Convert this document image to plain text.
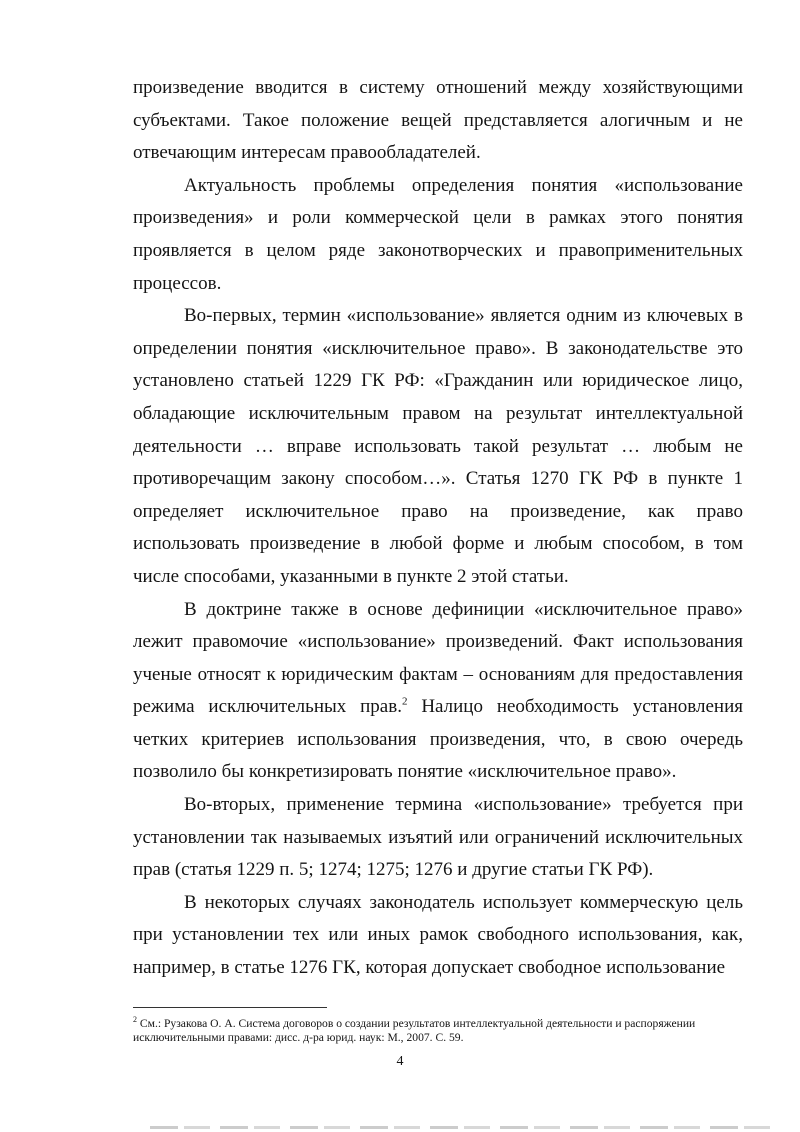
произведение вводится в систему отношений между хозяйствующими субъектами. Такое положение вещей представляется алогичным и не отвечающим интересам правообладателей.

Актуальность проблемы определения понятия «использование произведения» и роли коммерческой цели в рамках этого понятия проявляется в целом ряде законотворческих и правоприменительных процессов.

Во-первых, термин «использование» является одним из ключевых в определении понятия «исключительное право». В законодательстве это установлено статьей 1229 ГК РФ: «Гражданин или юридическое лицо, обладающие исключительным правом на результат интеллектуальной деятельности … вправе использовать такой результат … любым не противоречащим закону способом…». Статья 1270 ГК РФ в пункте 1 определяет исключительное право на произведение, как право использовать произведение в любой форме и любым способом, в том числе способами, указанными в пункте 2 этой статьи.

В доктрине также в основе дефиниции «исключительное право» лежит правомочие «использование» произведений. Факт использования ученые относят к юридическим фактам – основаниям для предоставления режима исключительных прав.$^2$ Налицо необходимость установления четких критериев использования произведения, что, в свою очередь позволило бы конкретизировать понятие «исключительное право».

Во-вторых, применение термина «использование» требуется при установлении так называемых изъятий или ограничений исключительных прав (статья 1229 п. 5; 1274; 1275; 1276 и другие статьи ГК РФ).

В некоторых случаях законодатель использует коммерческую цель при установлении тех или иных рамок свободного использования, как, например, в статье 1276 ГК, которая допускает свободное использование

$^2$ См.: Рузакова О. А. Система договоров о создании результатов интеллектуальной деятельности и распоряжении исключительными правами: дисс. д-ра юрид. наук: М., 2007. С. 59.

4
